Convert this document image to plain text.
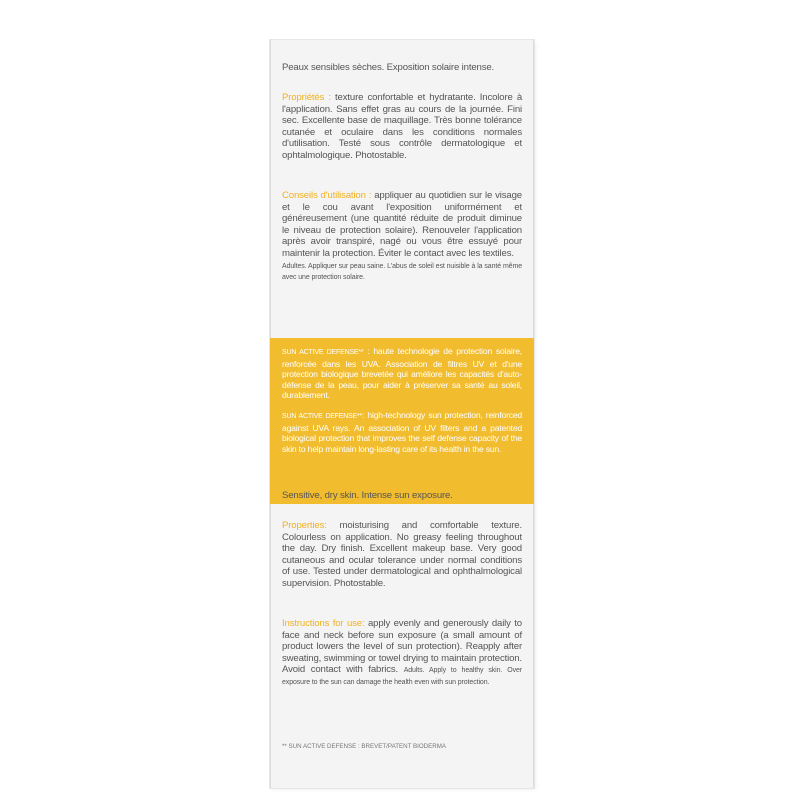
Peaux sensibles sèches. Exposition solaire intense.

Propriétés : texture confortable et hydratante. Incolore à l'application. Sans effet gras au cours de la journée. Fini sec. Excellente base de maquillage. Très bonne tolérance cutanée et oculaire dans les conditions normales d'utilisation. Testé sous contrôle dermatologique et ophtalmologique. Photostable.

Conseils d'utilisation : appliquer au quotidien sur le visage et le cou avant l'exposition uniformément et généreusement (une quantité réduite de produit diminue le niveau de protection solaire). Renouveler l'application après avoir transpiré, nagé ou vous être essuyé pour maintenir la protection. Éviter le contact avec les textiles.
Adultes. Appliquer sur peau saine. L'abus de soleil est nuisible à la santé même avec une protection solaire.

SUN ACTIVE DEFENSE** : haute technologie de protection solaire, renforcée dans les UVA. Association de filtres UV et d'une protection biologique brevetée qui améliore les capacités d'auto-défense de la peau, pour aider à préserver sa santé au soleil, durablement.

SUN ACTIVE DEFENSE**: high-technology sun protection, reinforced against UVA rays. An association of UV filters and a patented biological protection that improves the self defense capacity of the skin to help maintain long-lasting care of its health in the sun.

Sensitive, dry skin. Intense sun exposure.

Properties: moisturising and comfortable texture. Colourless on application. No greasy feeling throughout the day. Dry finish. Excellent makeup base. Very good cutaneous and ocular tolerance under normal conditions of use. Tested under dermatological and ophthalmological supervision. Photostable.

Instructions for use: apply evenly and generously daily to face and neck before sun exposure (a small amount of product lowers the level of sun protection). Reapply after sweating, swimming or towel drying to maintain protection. Avoid contact with fabrics. Adults. Apply to healthy skin. Over exposure to the sun can damage the health even with sun protection.

** SUN ACTIVE DEFENSE : BREVET/PATENT BIODERMA
